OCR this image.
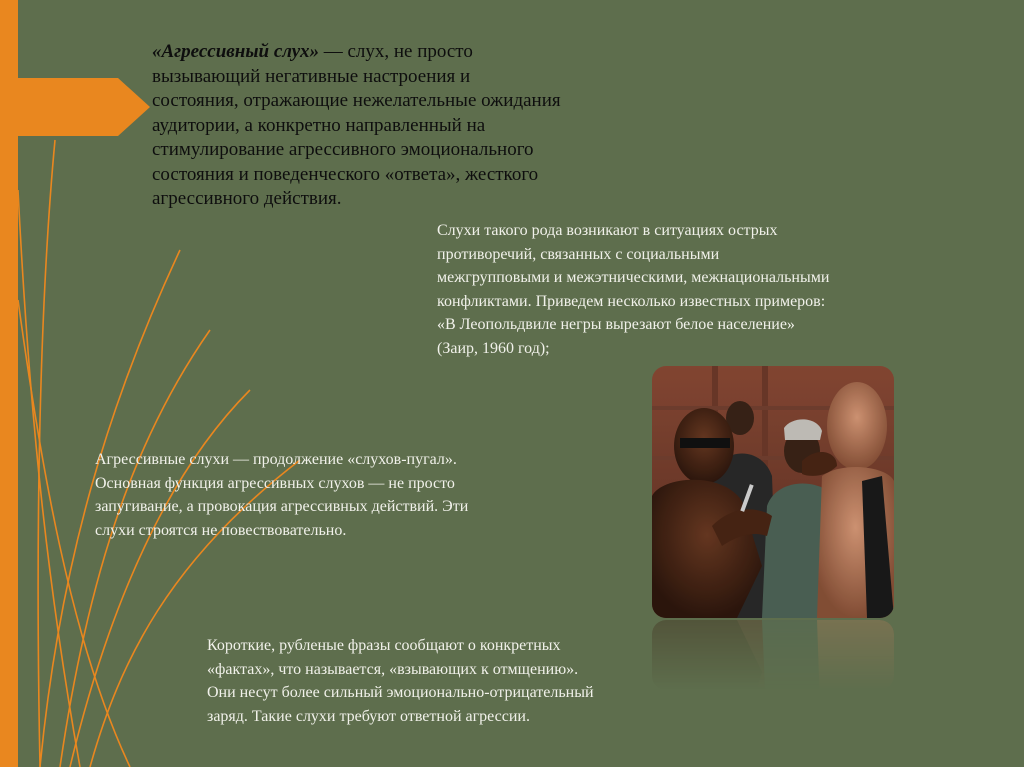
«Агрессивный слух» — слух, не просто
вызывающий негативные настроения и
состояния, отражающие нежелательные ожидания
аудитории, а конкретно направленный на
стимулирование агрессивного эмоционального
состояния и поведенческого «ответа», жесткого
агрессивного действия.
Слухи такого рода возникают в ситуациях острых
противоречий, связанных с социальными
межгрупповыми и межэтническими, межнациональными
конфликтами. Приведем несколько известных примеров:
«В Леопольдвиле негры вырезают белое население»
(Заир, 1960 год);
Агрессивные слухи — продолжение «слухов-пугал».
Основная функция агрессивных слухов — не просто
запугивание, а провокация агрессивных действий. Эти
слухи строятся не повествовательно.
Короткие, рубленые фразы сообщают о конкретных
«фактах», что называется, «взывающих к отмщению».
Они несут более сильный эмоционально-отрицательный
заряд. Такие слухи требуют ответной агрессии.
